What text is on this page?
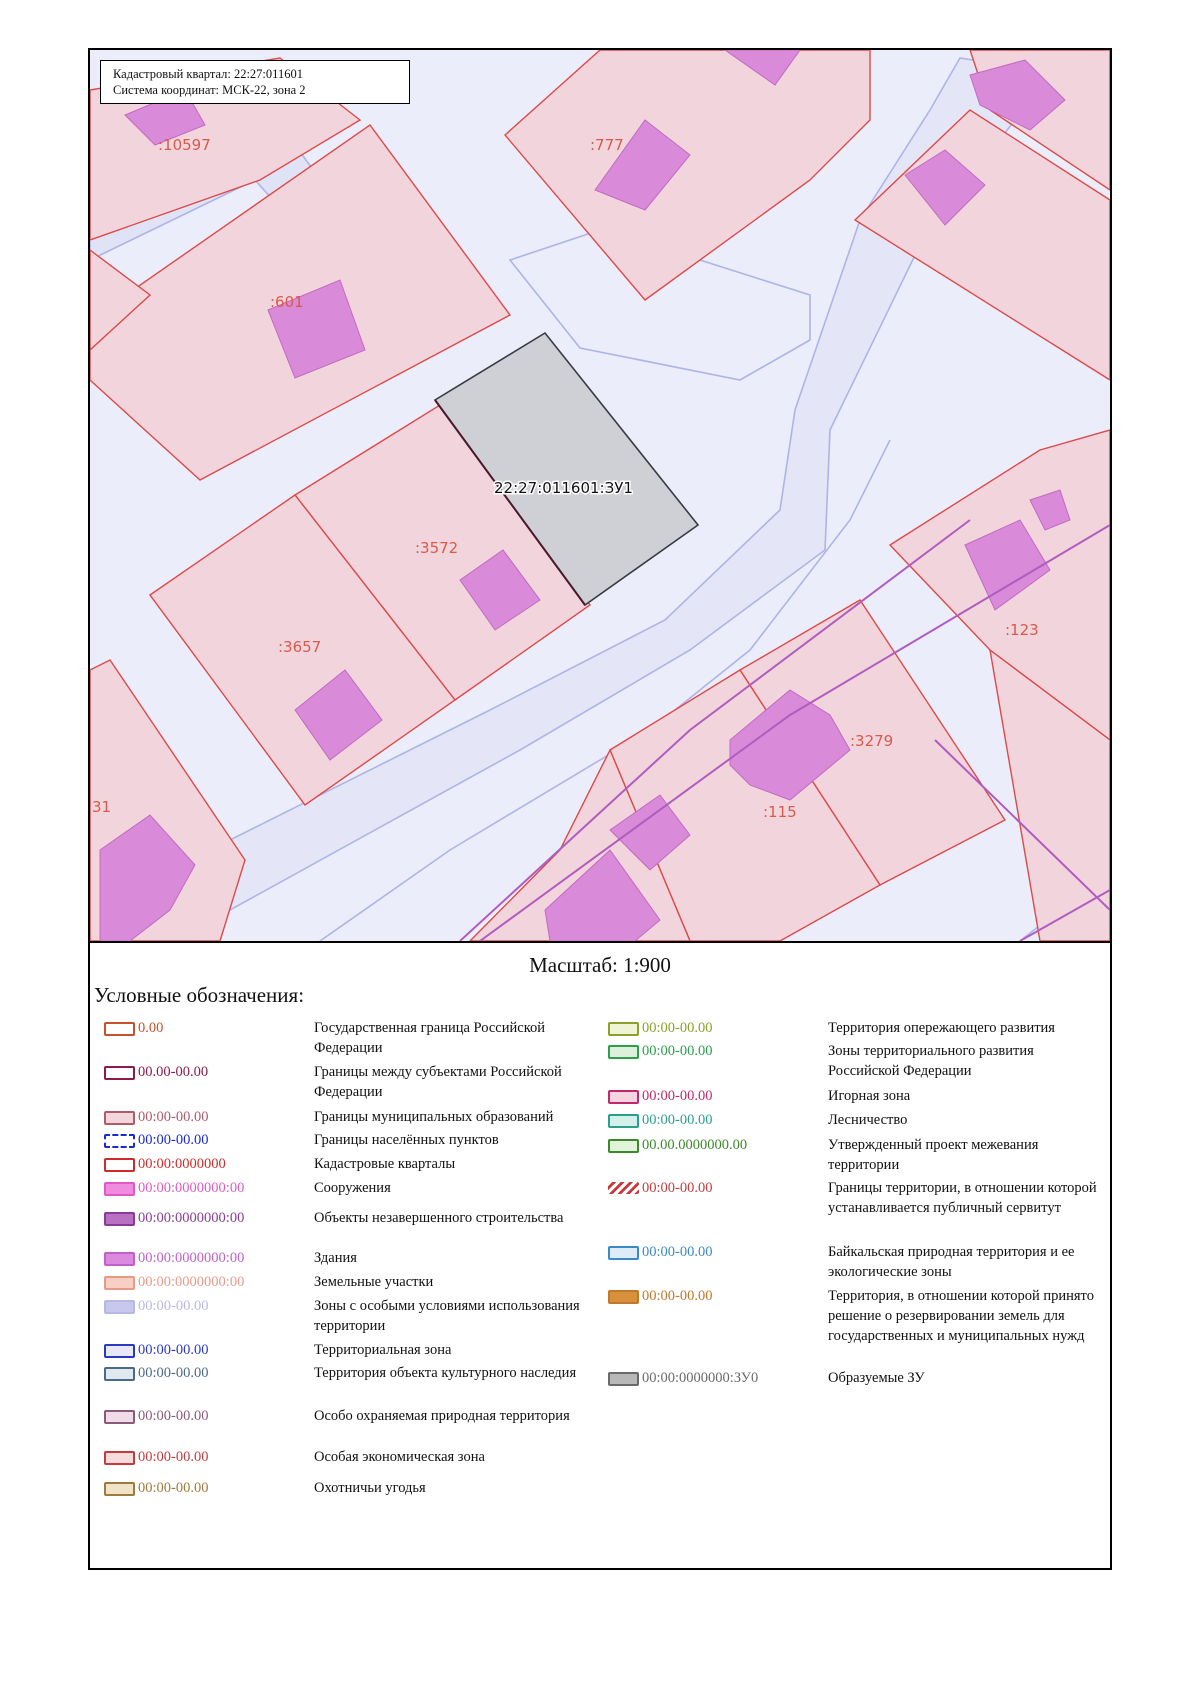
:10597	:777
:601
:3572
:3657
:3279
:115
:123
31
22:27:011601:ЗУ1
Кадастровый квартал: 22:27:011601
Система координат: МСК-22, зона 2
Масштаб: 1:900
Условные обозначения:
0.00	Государственная граница Российской Федерации
00.00-00.00	Границы между субъектами Российской Федерации
00:00-00.00	Границы муниципальных образований
00:00-00.00	Границы населённых пунктов
00:00:0000000	Кадастровые кварталы
00:00:0000000:00	Сооружения
00:00:0000000:00	Объекты незавершенного строительства
00:00:0000000:00	Здания
00:00:0000000:00	Земельные участки
00:00-00.00	Зоны с особыми условиями использования территории
00:00-00.00	Территориальная зона
00:00-00.00	Территория объекта культурного наследия
00:00-00.00	Особо охраняемая природная территория
00:00-00.00	Особая экономическая зона
00:00-00.00	Охотничьи угодья
00:00-00.00	Территория опережающего развития
00:00-00.00	Зоны территориального развития Российской Федерации
00:00-00.00	Игорная зона
00:00-00.00	Лесничество
00.00.0000000.00	Утвержденный проект межевания территории
00:00-00.00	Границы территории, в отношении которой устанавливается публичный сервитут
00:00-00.00	Байкальская природная территория и ее экологические зоны
00:00-00.00	Территория, в отношении которой принято решение о резервировании земель для государственных и муниципальных нужд
00:00:0000000:ЗУ0	Образуемые ЗУ
